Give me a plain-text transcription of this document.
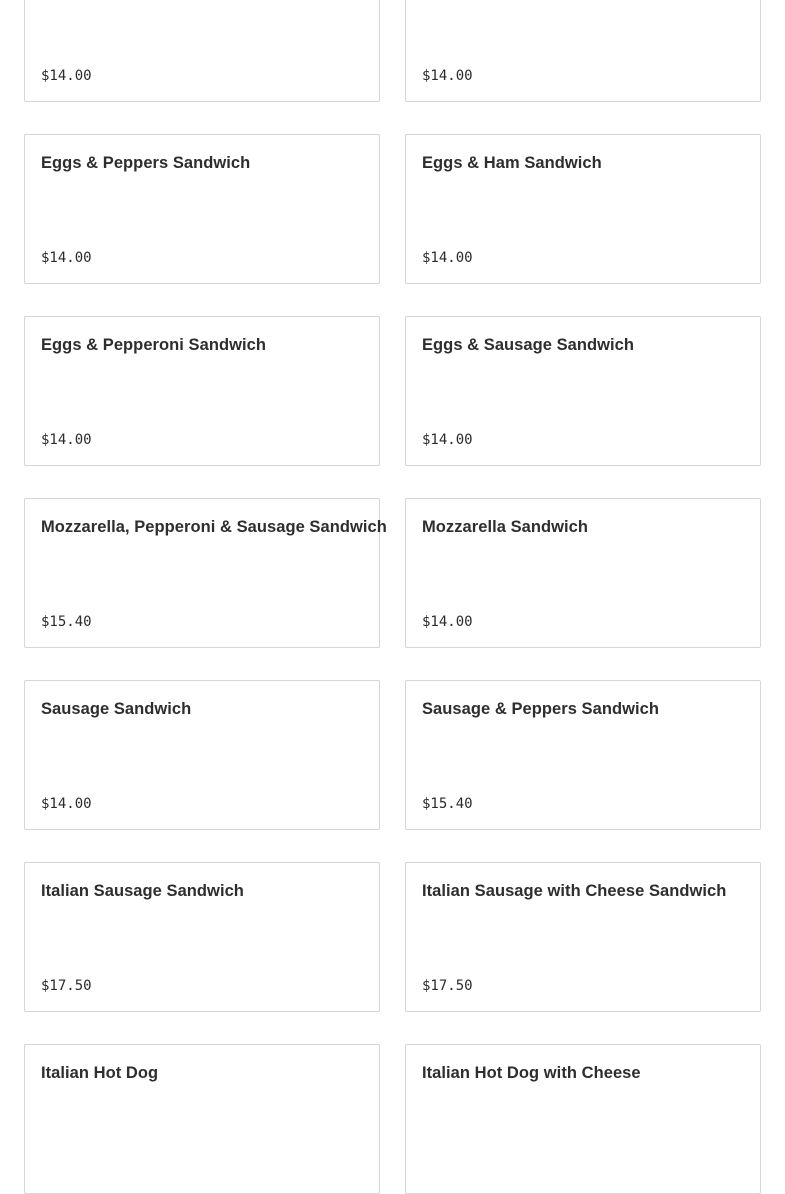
$14.00	$14.00
Eggs & Peppers Sandwich
$14.00
Eggs & Ham Sandwich
$14.00
Eggs & Pepperoni Sandwich
$14.00
Eggs & Sausage Sandwich
$14.00
Mozzarella, Pepperoni & Sausage Sandwich
$15.40
Mozzarella Sandwich
$14.00
Sausage Sandwich
$14.00
Sausage & Peppers Sandwich
$15.40
Italian Sausage Sandwich
$17.50
Italian Sausage with Cheese Sandwich
$17.50
Italian Hot Dog	Italian Hot Dog with Cheese
